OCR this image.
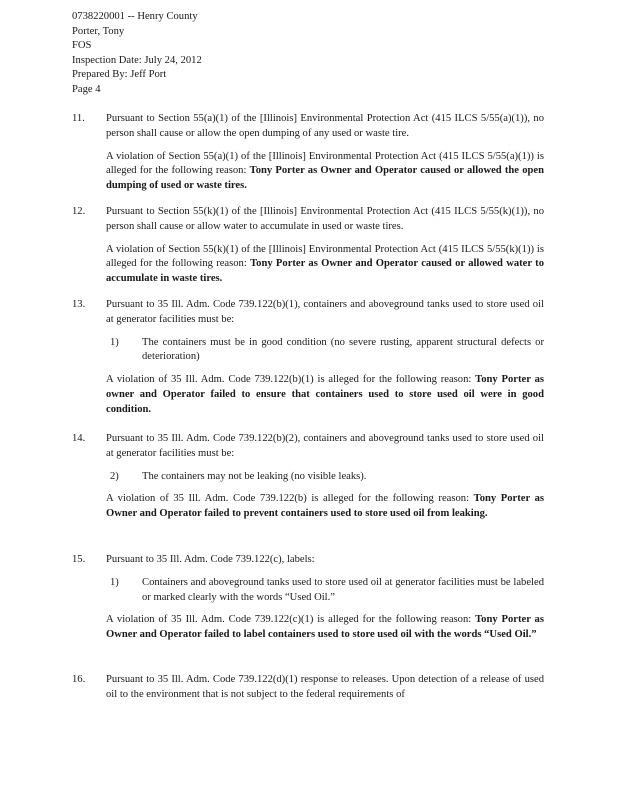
0738220001 -- Henry County
Porter, Tony
FOS
Inspection Date: July 24, 2012
Prepared By: Jeff Port
Page 4
11.	Pursuant to Section 55(a)(1) of the [Illinois] Environmental Protection Act (415 ILCS 5/55(a)(1)), no person shall cause or allow the open dumping of any used or waste tire.
A violation of Section 55(a)(1) of the [Illinois] Environmental Protection Act (415 ILCS 5/55(a)(1)) is alleged for the following reason: Tony Porter as Owner and Operator caused or allowed the open dumping of used or waste tires.
12.	Pursuant to Section 55(k)(1) of the [Illinois] Environmental Protection Act (415 ILCS 5/55(k)(1)), no person shall cause or allow water to accumulate in used or waste tires.
A violation of Section 55(k)(1) of the [Illinois] Environmental Protection Act (415 ILCS 5/55(k)(1)) is alleged for the following reason: Tony Porter as Owner and Operator caused or allowed water to accumulate in waste tires.
13.	Pursuant to 35 Ill. Adm. Code 739.122(b)(1), containers and aboveground tanks used to store used oil at generator facilities must be:
1) The containers must be in good condition (no severe rusting, apparent structural defects or deterioration)
A violation of 35 Ill. Adm. Code 739.122(b)(1) is alleged for the following reason: Tony Porter as owner and Operator failed to ensure that containers used to store used oil were in good condition.
14.	Pursuant to 35 Ill. Adm. Code 739.122(b)(2), containers and aboveground tanks used to store used oil at generator facilities must be:
2) The containers may not be leaking (no visible leaks).
A violation of 35 Ill. Adm. Code 739.122(b) is alleged for the following reason: Tony Porter as Owner and Operator failed to prevent containers used to store used oil from leaking.
15.	Pursuant to 35 Ill. Adm. Code 739.122(c), labels:
1) Containers and aboveground tanks used to store used oil at generator facilities must be labeled or marked clearly with the words “Used Oil.”
A violation of 35 Ill. Adm. Code 739.122(c)(1) is alleged for the following reason: Tony Porter as Owner and Operator failed to label containers used to store used oil with the words “Used Oil.”
16.	Pursuant to 35 Ill. Adm. Code 739.122(d)(1) response to releases. Upon detection of a release of used oil to the environment that is not subject to the federal requirements of
